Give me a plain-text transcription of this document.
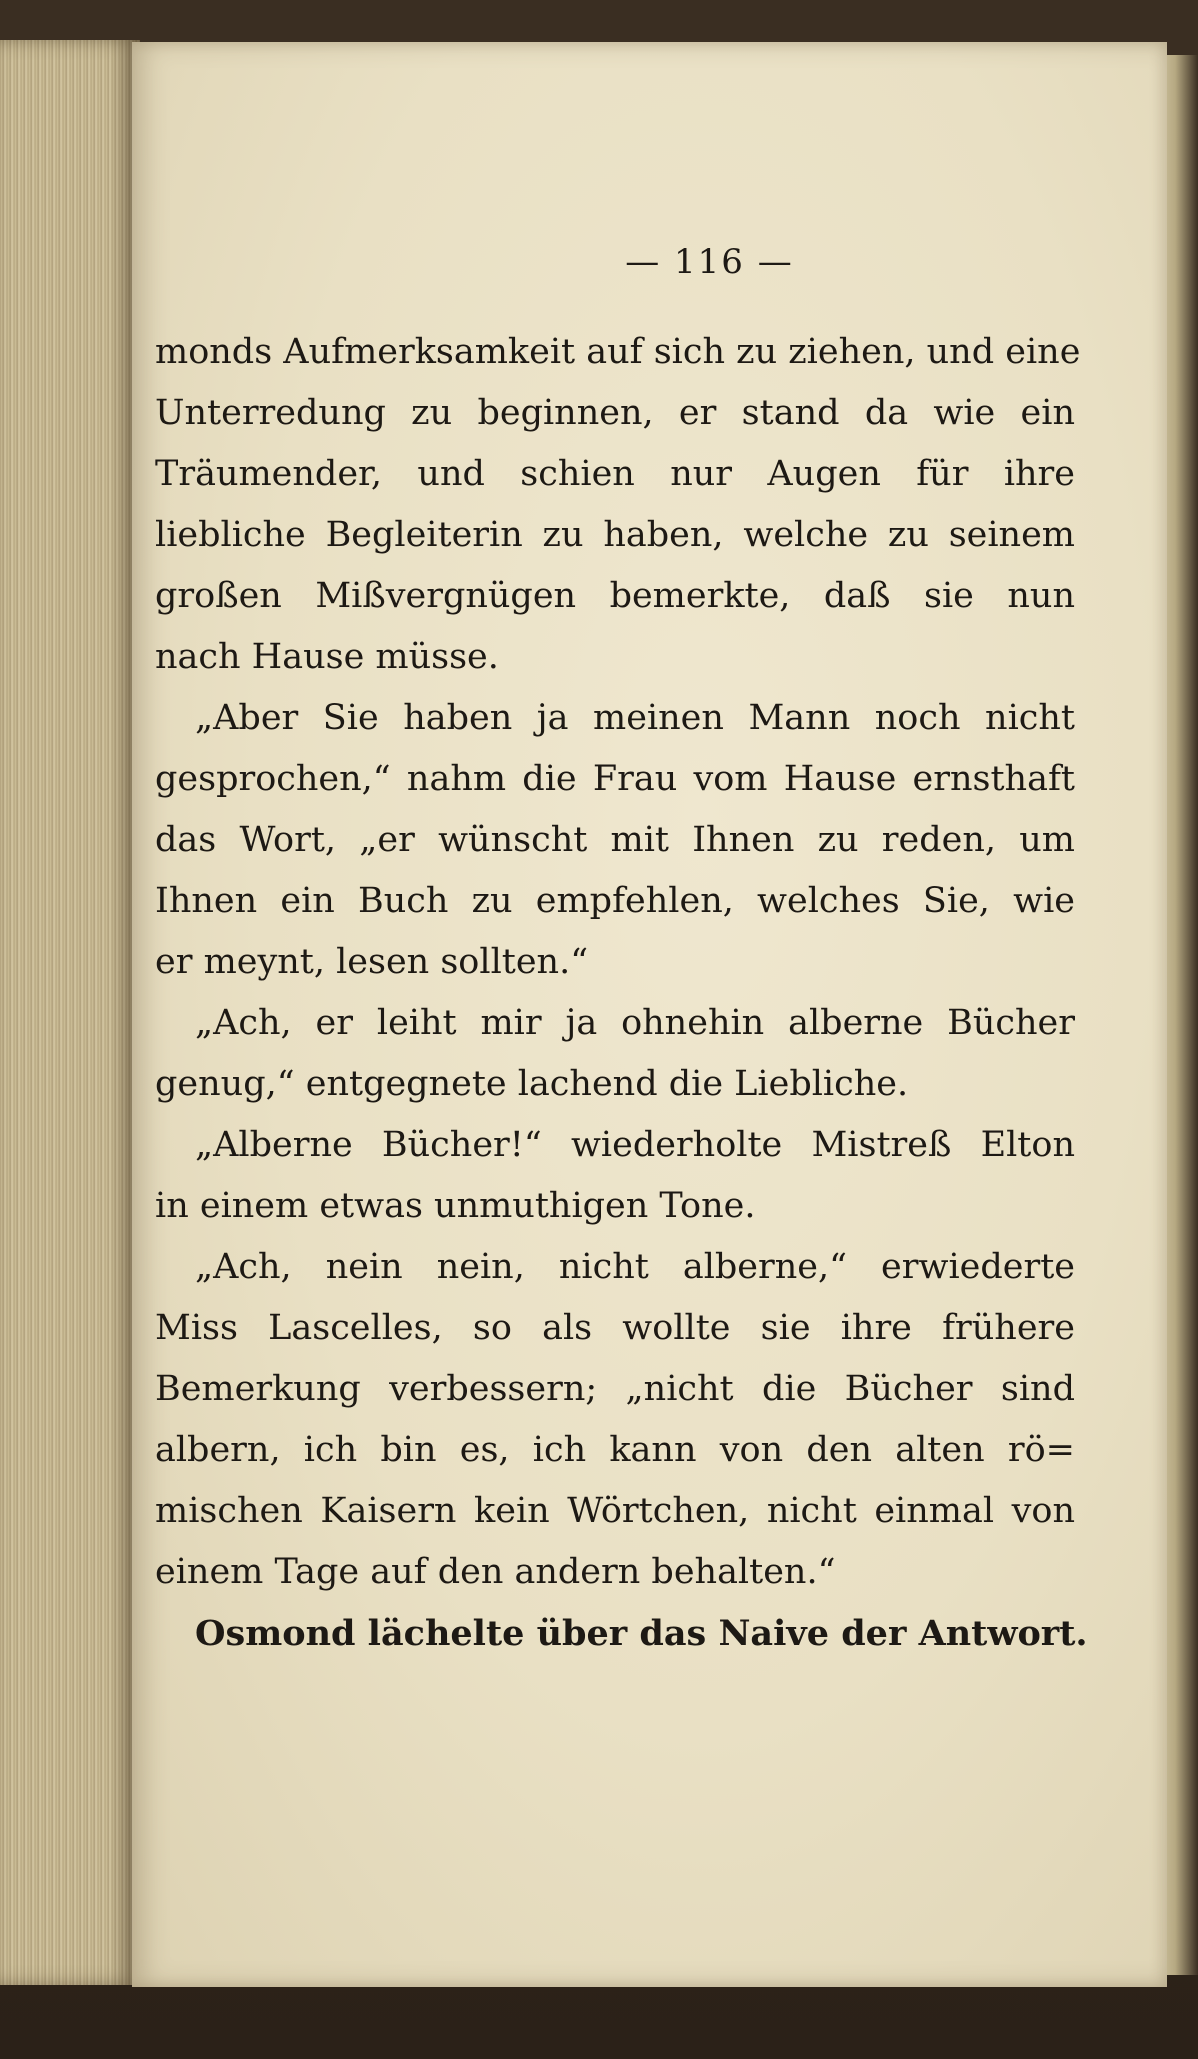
— 116 —
monds Aufmerksamkeit auf sich zu ziehen, und eine
Unterredung zu beginnen, er stand da wie ein
Träumender, und schien nur Augen für ihre
liebliche Begleiterin zu haben, welche zu seinem
großen Mißvergnügen bemerkte, daß sie nun
nach Hause müsse.
„Aber Sie haben ja meinen Mann noch nicht
gesprochen,“ nahm die Frau vom Hause ernsthaft
das Wort, „er wünscht mit Ihnen zu reden, um
Ihnen ein Buch zu empfehlen, welches Sie, wie
er meynt, lesen sollten.“
„Ach, er leiht mir ja ohnehin alberne Bücher
genug,“ entgegnete lachend die Liebliche.
„Alberne Bücher!“ wiederholte Mistreß Elton
in einem etwas unmuthigen Tone.
„Ach, nein nein, nicht alberne,“ erwiederte
Miss Lascelles, so als wollte sie ihre frühere
Bemerkung verbessern; „nicht die Bücher sind
albern, ich bin es, ich kann von den alten rö=
mischen Kaisern kein Wörtchen, nicht einmal von
einem Tage auf den andern behalten.“
Osmond lächelte über das Naive der Antwort.
